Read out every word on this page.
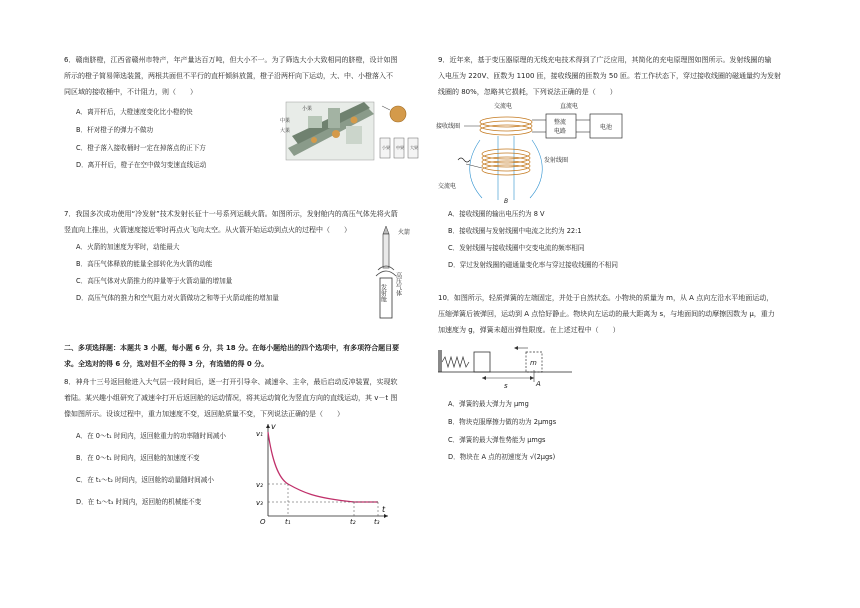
6．赣南脐橙，江西省赣州市特产，年产量达百万吨，但大小不一。为了筛选大小大致相同的脐橙，设计如图
所示的橙子简易筛选装置，两根共面但不平行的直杆倾斜放置，橙子沿两杆向下运动，大、中、小橙落入不
同区域的接收桶中，不计阻力，则（　　）
A．离开杆后，大橙速度变化比小橙的快
B．杆对橙子的弹力不做功
C．橙子落入接收桶时一定在掉落点的正下方
D．离开杆后，橙子在空中做匀变速直线运动
小果
中果
大果
小果 中果 大果
7．我国多次成功使用“冷发射”技术发射长征十一号系列运载火箭。如图所示，发射舱内的高压气体先将火箭
竖直向上推出，火箭速度接近零时再点火飞向太空。从火箭开始运动到点火的过程中（　　）
A．火箭的加速度为零时，动能最大
B．高压气体释放的能量全部转化为火箭的动能
C．高压气体对火箭推力的冲量等于火箭动量的增加量
D．高压气体的推力和空气阻力对火箭做功之和等于火箭动能的增加量
火箭
高压气体
发射舱
二、多项选择题：本题共 3 小题，每小题 6 分，共 18 分。在每小题给出的四个选项中，有多项符合题目要
求。全选对的得 6 分，选对但不全的得 3 分，有选错的得 0 分。
8．神舟十三号返回舱进入大气层一段时间后，逐一打开引导伞、减速伞、主伞，最后启动反冲装置，实现软
着陆。某兴趣小组研究了减速伞打开后返回舱的运动情况，将其运动简化为竖直方向的直线运动，其 v－t 图
像如图所示。设该过程中，重力加速度不变，返回舱质量不变，下列说法正确的是（　　）
A．在 0～t₁ 时间内，返回舱重力的功率随时间减小
B．在 0～t₁ 时间内，返回舱的加速度不变
C．在 t₁～t₂ 时间内，返回舱的动量随时间减小
D．在 t₂～t₃ 时间内，返回舱的机械能不变
v
t
v₁
v₂
v₃
O	t₁	t₂	t₃
9．近年来，基于变压器原理的无线充电技术得到了广泛应用，其简化的充电原理图如图所示。发射线圈的输
入电压为 220V、匝数为 1100 匝，接收线圈的匝数为 50 匝。若工作状态下，穿过接收线圈的磁通量约为发射
线圈的 80%，忽略其它损耗，下列说法正确的是（　　）
交流电	直流电
接收线圈
整流
电路
电池
发射线圈
交流电
B
A．接收线圈的输出电压约为 8 V
B．接收线圈与发射线圈中电流之比约为 22:1
C．发射线圈与接收线圈中交变电流的频率相同
D．穿过发射线圈的磁通量变化率与穿过接收线圈的不相同
10．如图所示，轻质弹簧的左端固定，并处于自然状态。小物块的质量为 m，从 A 点向左沿水平地面运动，
压缩弹簧后被弹回，运动到 A 点恰好静止。物块向左运动的最大距离为 s，与地面间的动摩擦因数为 μ，重力
加速度为 g，弹簧未超出弹性限度。在上述过程中（　　）
m
s	A
A．弹簧的最大弹力为 μmg
B．物块克服摩擦力做的功为 2μmgs
C．弹簧的最大弹性势能为 μmgs
D．物块在 A 点的初速度为 √(2μgs)
